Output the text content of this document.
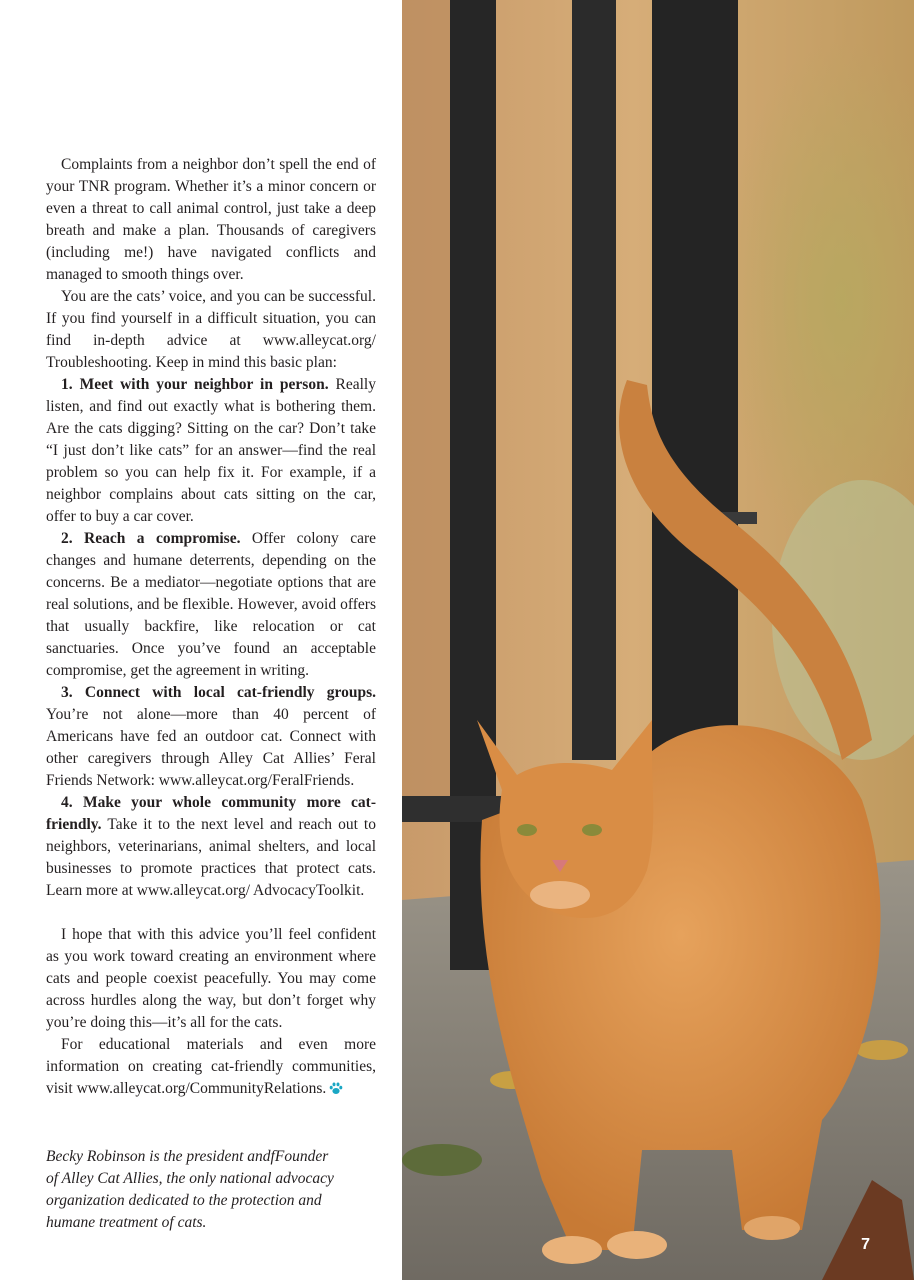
Complaints from a neighbor don’t spell the end of your TNR program. Whether it’s a minor concern or even a threat to call animal control, just take a deep breath and make a plan. Thousands of caregivers (including me!) have navigated conflicts and managed to smooth things over.

You are the cats’ voice, and you can be successful. If you find yourself in a difficult situation, you can find in-depth advice at www.alleycat.org/ Troubleshooting. Keep in mind this basic plan:

1. Meet with your neighbor in person. Really listen, and find out exactly what is bothering them. Are the cats digging? Sitting on the car? Don’t take “I just don’t like cats” for an answer—find the real problem so you can help fix it. For example, if a neighbor complains about cats sitting on the car, offer to buy a car cover.

2. Reach a compromise. Offer colony care changes and humane deterrents, depending on the concerns. Be a mediator—negotiate options that are real solutions, and be flexible. However, avoid offers that usually backfire, like relocation or cat sanctuaries. Once you’ve found an acceptable compromise, get the agreement in writing.

3. Connect with local cat-friendly groups. You’re not alone—more than 40 percent of Americans have fed an outdoor cat. Connect with other caregivers through Alley Cat Allies’ Feral Friends Network: www.alleycat.org/FeralFriends.

4. Make your whole community more cat-friendly. Take it to the next level and reach out to neighbors, veterinarians, animal shelters, and local businesses to promote practices that protect cats. Learn more at www.alleycat.org/ AdvocacyToolkit.

I hope that with this advice you’ll feel confident as you work toward creating an environment where cats and people coexist peacefully. You may come across hurdles along the way, but don’t forget why you’re doing this—it’s all for the cats.

For educational materials and even more information on creating cat-friendly communities, visit www.alleycat.org/CommunityRelations.

Becky Robinson is the president andfFounder
of Alley Cat Allies, the only national advocacy
organization dedicated to the protection and
humane treatment of cats.
7
